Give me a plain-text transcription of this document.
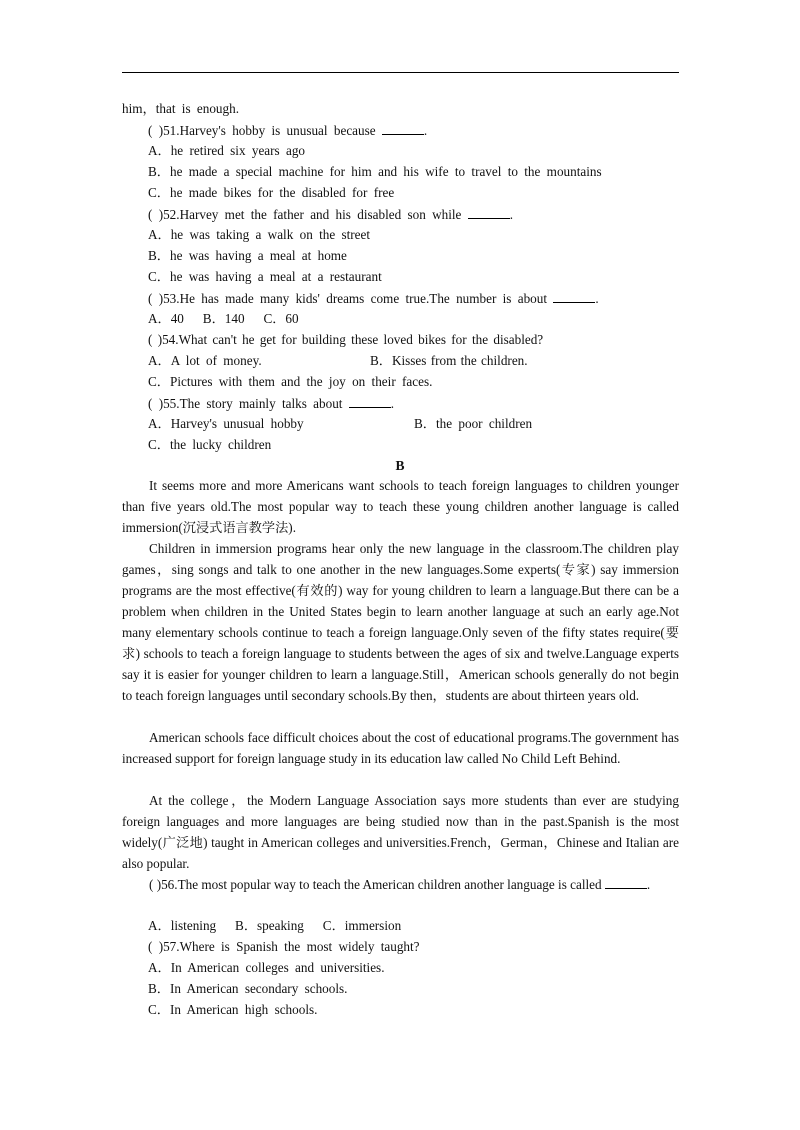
him，that is enough.
( )51.Harvey's hobby is unusual because	.
A．he retired six years ago
B．he made a special machine for him and his wife to travel to the mountains
C．he made bikes for the disabled for free
( )52.Harvey met the father and his disabled son while	.
A．he was taking a walk on the street
B．he was having a meal at home
C．he was having a meal at a restaurant
( )53.He has made many kids' dreams come true.The number is about	.
A．40   B．140   C．60
( )54.What can't he get for building these loved bikes for the disabled?
A．A lot of money.	B．Kisses from the children.
C．Pictures with them and the joy on their faces.
( )55.The story mainly talks about	.
A．Harvey's unusual hobby	B．the poor children
C．the lucky children
B

It seems more and more Americans want schools to teach foreign languages to children younger than five years old.The most popular way to teach these young children another language is called immersion(沉浸式语言教学法).

Children in immersion programs hear only the new language in the classroom.The children play games，sing songs and talk to one another in the new languages.Some experts(专家) say immersion programs are the most effective(有效的) way for young children to learn a language.But there can be a problem when children in the United States begin to learn another language at such an early age.Not many elementary schools continue to teach a foreign language.Only seven of the fifty states require(要求) schools to teach a foreign language to students between the ages of six and twelve.Language experts say it is easier for younger children to learn a language.Still，American schools generally do not begin to teach foreign languages until secondary schools.By then，students are about thirteen years old.

American schools face difficult choices about the cost of educational programs.The government has increased support for foreign language study in its education law called No Child Left Behind.

At the college，the Modern Language Association says more students than ever are studying foreign languages and more languages are being studied now than in the past.Spanish is the most widely(广泛地) taught in American colleges and universities.French，German，Chinese and Italian are also popular.

( )56.The most popular way to teach the American children another language is called	.

A．listening   B．speaking   C．immersion
( )57.Where is Spanish the most widely taught?
A．In American colleges and universities.
B．In American secondary schools.
C．In American high schools.
